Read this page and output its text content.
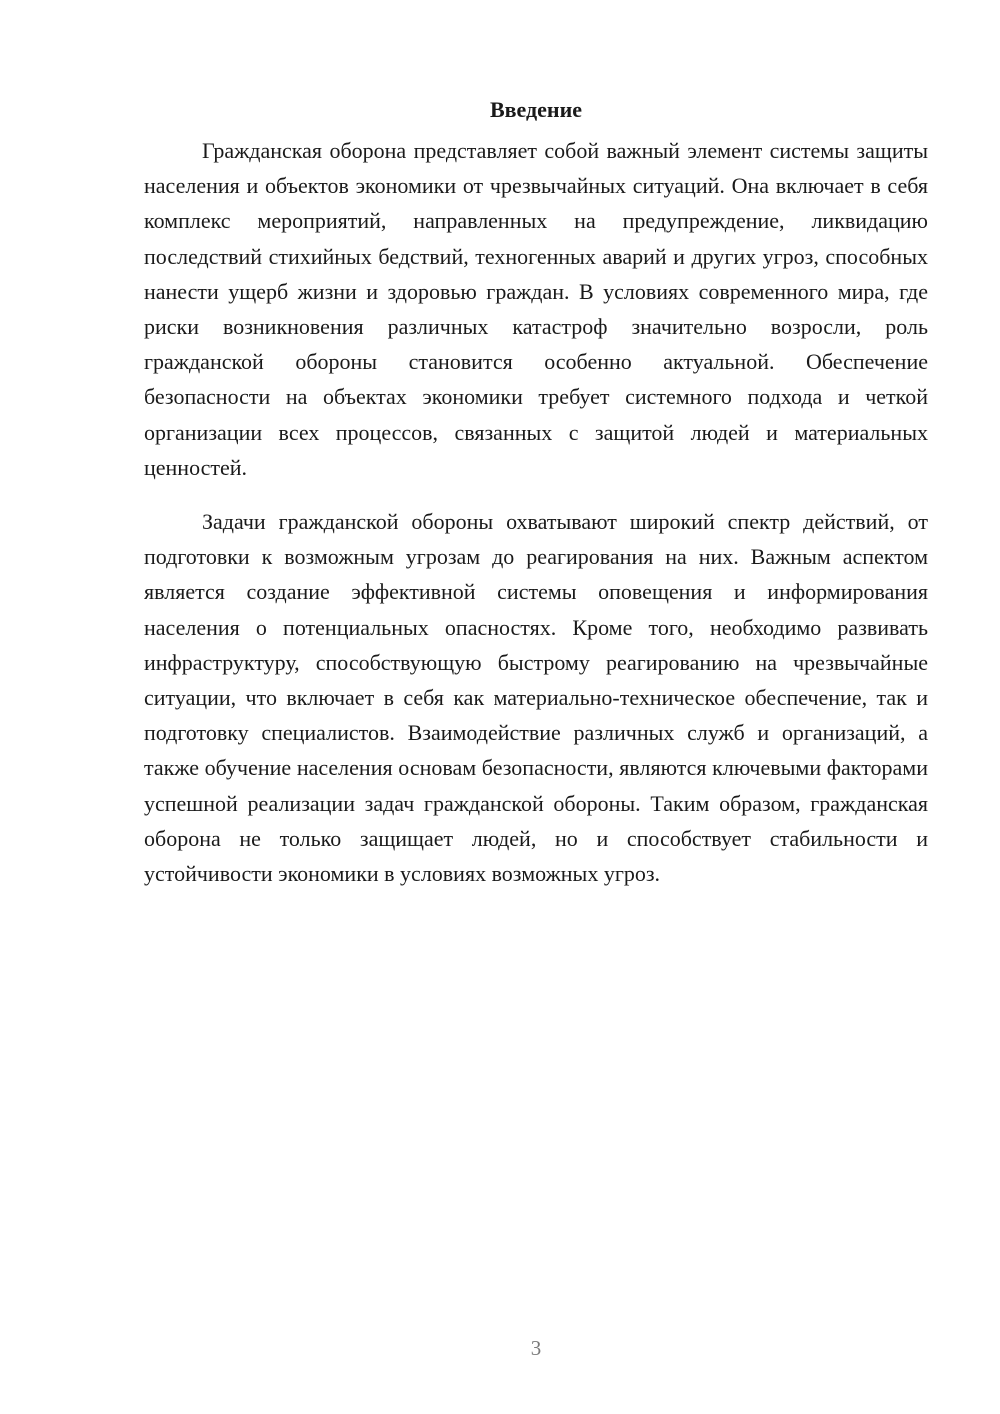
Введение

Гражданская оборона представляет собой важный элемент системы защиты населения и объектов экономики от чрезвычайных ситуаций. Она включает в себя комплекс мероприятий, направленных на предупреждение, ликвидацию последствий стихийных бедствий, техногенных аварий и других угроз, способных нанести ущерб жизни и здоровью граждан. В условиях современного мира, где риски возникновения различных катастроф значительно возросли, роль гражданской обороны становится особенно актуальной. Обеспечение безопасности на объектах экономики требует системного подхода и четкой организации всех процессов, связанных с защитой людей и материальных ценностей.

Задачи гражданской обороны охватывают широкий спектр действий, от подготовки к возможным угрозам до реагирования на них. Важным аспектом является создание эффективной системы оповещения и информирования населения о потенциальных опасностях. Кроме того, необходимо развивать инфраструктуру, способствующую быстрому реагированию на чрезвычайные ситуации, что включает в себя как материально-техническое обеспечение, так и подготовку специалистов. Взаимодействие различных служб и организаций, а также обучение населения основам безопасности, являются ключевыми факторами успешной реализации задач гражданской обороны. Таким образом, гражданская оборона не только защищает людей, но и способствует стабильности и устойчивости экономики в условиях возможных угроз.

3
